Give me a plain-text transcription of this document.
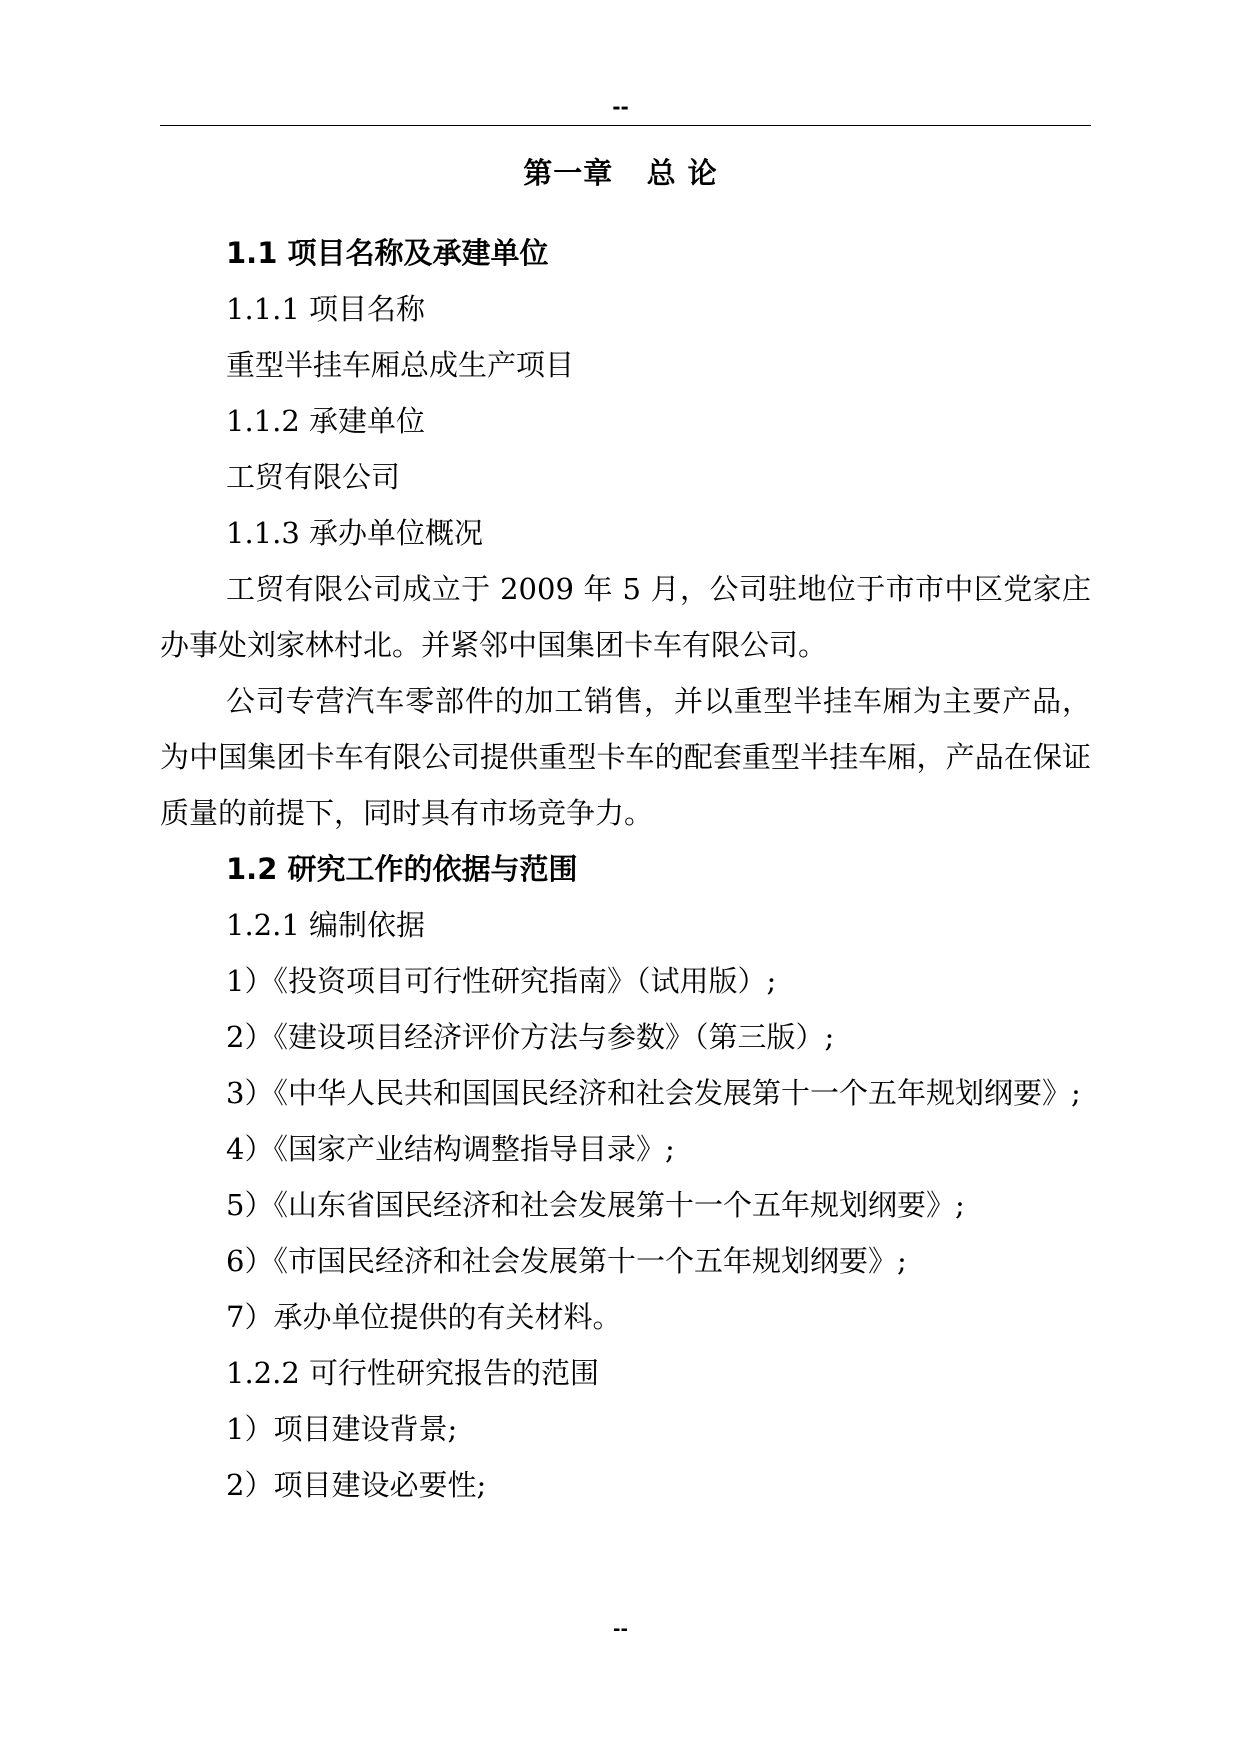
--
第一章   总 论

1.1 项目名称及承建单位

1.1.1 项目名称

重型半挂车厢总成生产项目

1.1.2 承建单位

工贸有限公司

1.1.3 承办单位概况

工贸有限公司成立于 2009 年 5 月，公司驻地位于市市中区党家庄办事处刘家林村北。并紧邻中国集团卡车有限公司。

公司专营汽车零部件的加工销售，并以重型半挂车厢为主要产品，为中国集团卡车有限公司提供重型卡车的配套重型半挂车厢，产品在保证质量的前提下，同时具有市场竞争力。

1.2 研究工作的依据与范围

1.2.1 编制依据

1）《投资项目可行性研究指南》（试用版）;

2）《建设项目经济评价方法与参数》（第三版）;

3）《中华人民共和国国民经济和社会发展第十一个五年规划纲要》;

4）《国家产业结构调整指导目录》;

5）《山东省国民经济和社会发展第十一个五年规划纲要》;

6）《市国民经济和社会发展第十一个五年规划纲要》;

7）承办单位提供的有关材料。

1.2.2 可行性研究报告的范围

1）项目建设背景;

2）项目建设必要性;

--
